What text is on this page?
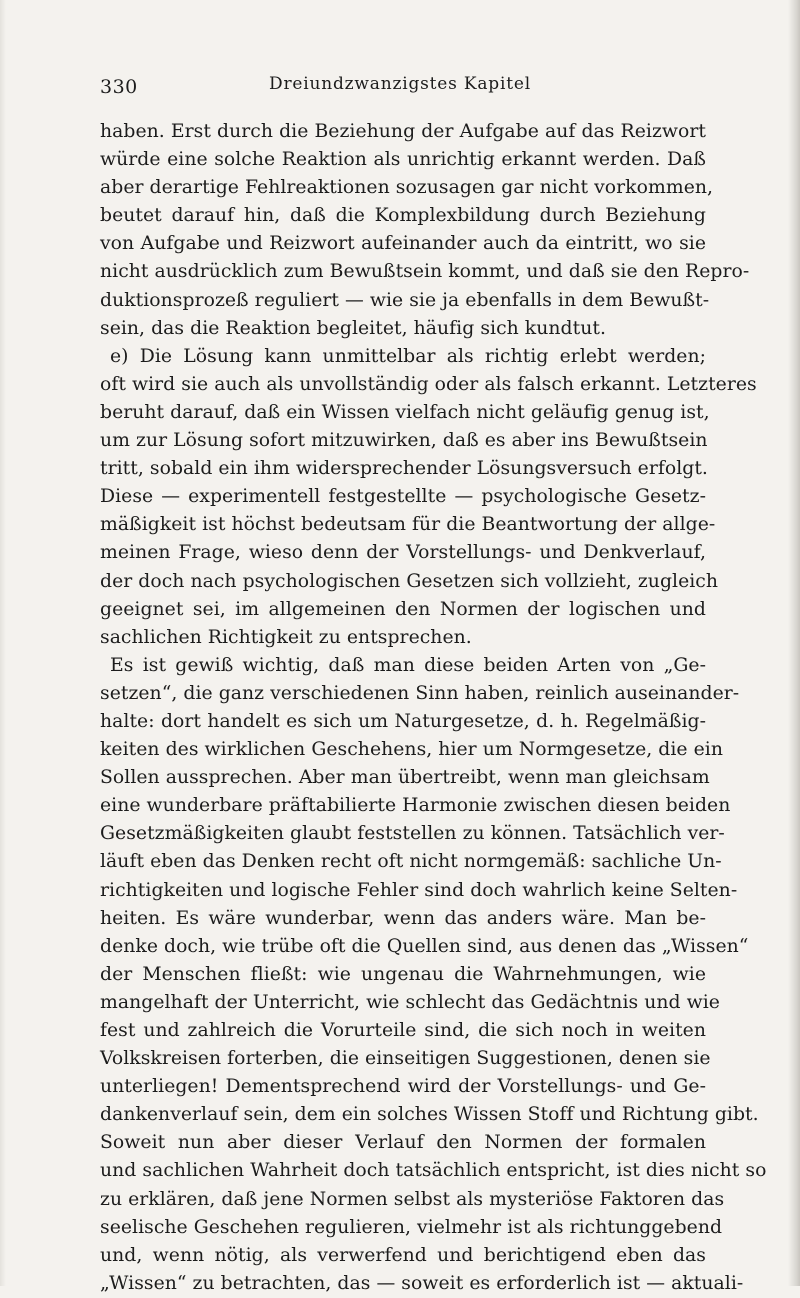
330	Dreiundzwanzigstes Kapitel
haben. Erst durch die Beziehung der Aufgabe auf das Reizwort
würde eine solche Reaktion als unrichtig erkannt werden. Daß
aber derartige Fehlreaktionen sozusagen gar nicht vorkommen,
beutet darauf hin, daß die Komplexbildung durch Beziehung
von Aufgabe und Reizwort aufeinander auch da eintritt, wo sie
nicht ausdrücklich zum Bewußtsein kommt, und daß sie den Repro-
duktionsprozeß reguliert — wie sie ja ebenfalls in dem Bewußt-
sein, das die Reaktion begleitet, häufig sich kundtut.
e) Die Lösung kann unmittelbar als richtig erlebt werden;
oft wird sie auch als unvollständig oder als falsch erkannt. Letzteres
beruht darauf, daß ein Wissen vielfach nicht geläufig genug ist,
um zur Lösung sofort mitzuwirken, daß es aber ins Bewußtsein
tritt, sobald ein ihm widersprechender Lösungsversuch erfolgt.
Diese — experimentell festgestellte — psychologische Gesetz-
mäßigkeit ist höchst bedeutsam für die Beantwortung der allge-
meinen Frage, wieso denn der Vorstellungs- und Denkverlauf,
der doch nach psychologischen Gesetzen sich vollzieht, zugleich
geeignet sei, im allgemeinen den Normen der logischen und
sachlichen Richtigkeit zu entsprechen.
Es ist gewiß wichtig, daß man diese beiden Arten von „Ge-
setzen“, die ganz verschiedenen Sinn haben, reinlich auseinander-
halte: dort handelt es sich um Naturgesetze, d. h. Regelmäßig-
keiten des wirklichen Geschehens, hier um Normgesetze, die ein
Sollen aussprechen. Aber man übertreibt, wenn man gleichsam
eine wunderbare präftabilierte Harmonie zwischen diesen beiden
Gesetzmäßigkeiten glaubt feststellen zu können. Tatsächlich ver-
läuft eben das Denken recht oft nicht normgemäß: sachliche Un-
richtigkeiten und logische Fehler sind doch wahrlich keine Selten-
heiten. Es wäre wunderbar, wenn das anders wäre. Man be-
denke doch, wie trübe oft die Quellen sind, aus denen das „Wissen“
der Menschen fließt: wie ungenau die Wahrnehmungen, wie
mangelhaft der Unterricht, wie schlecht das Gedächtnis und wie
fest und zahlreich die Vorurteile sind, die sich noch in weiten
Volkskreisen forterben, die einseitigen Suggestionen, denen sie
unterliegen! Dementsprechend wird der Vorstellungs- und Ge-
dankenverlauf sein, dem ein solches Wissen Stoff und Richtung gibt.
Soweit nun aber dieser Verlauf den Normen der formalen
und sachlichen Wahrheit doch tatsächlich entspricht, ist dies nicht so
zu erklären, daß jene Normen selbst als mysteriöse Faktoren das
seelische Geschehen regulieren, vielmehr ist als richtunggebend
und, wenn nötig, als verwerfend und berichtigend eben das
„Wissen“ zu betrachten, das — soweit es erforderlich ist — aktuali-
